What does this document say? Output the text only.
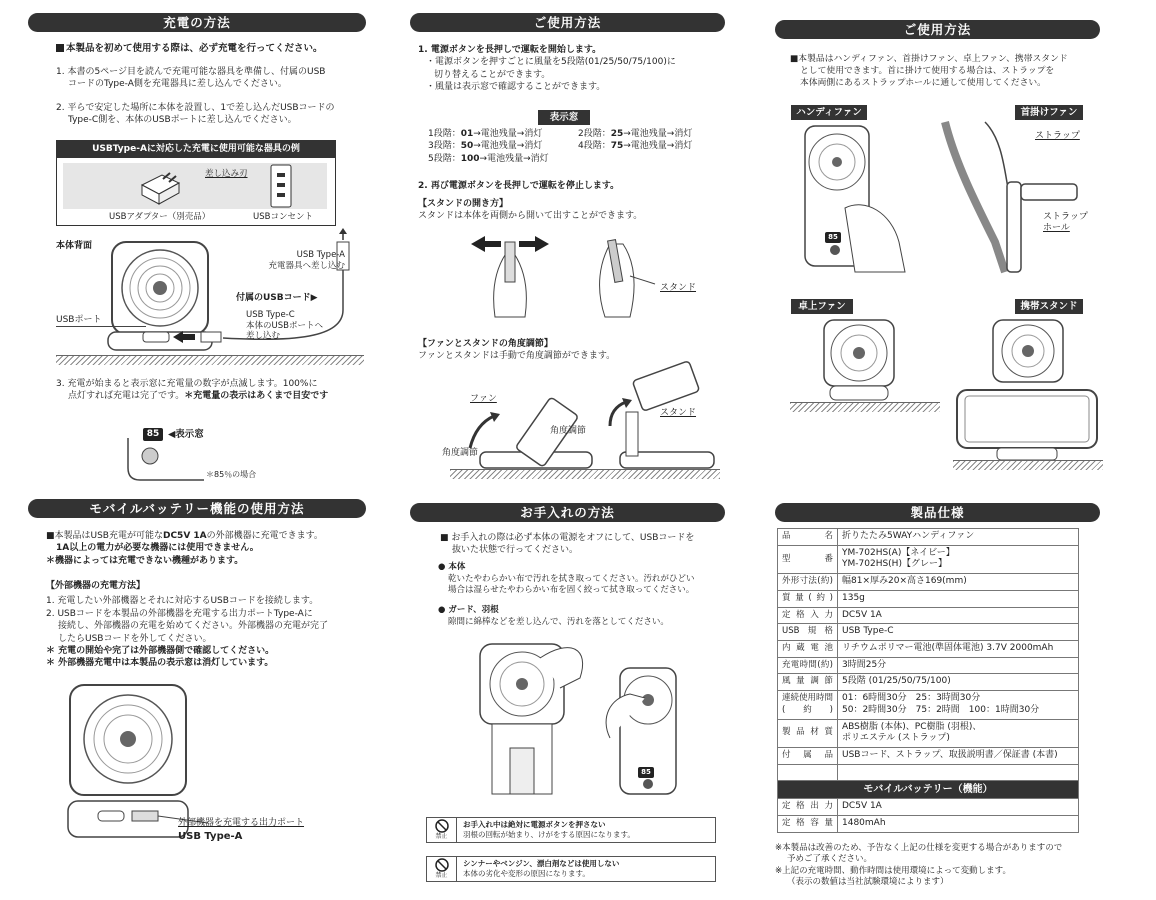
充電の方法
本製品を初めて使用する際は、必ず充電を行ってください。
1. 本書の5ページ目を読んで充電可能な器具を準備し、付属のUSB
コードのType-A側を充電器具に差し込んでください。
2. 平らで安定した場所に本体を設置し、1で差し込んだUSBコードの
Type-C側を、本体のUSBポートに差し込んでください。
USBType-Aに対応した充電に使用可能な器具の例
差し込み刃
USBアダプター（別売品）	USBコンセント
本体背面
USB Type-A
充電器具へ差し込む
付属のUSBコード▶
USBポート	USB Type-C
本体のUSBポートへ
差し込む
3. 充電が始まると表示窓に充電量の数字が点滅します。100%に
点灯すれば充電は完了です。＊充電量の表示はあくまで目安です
85 ◀表示窓
＊85％の場合
モバイルバッテリー機能の使用方法
■本製品はUSB充電が可能なDC5V 1Aの外部機器に充電できます。
1A以上の電力が必要な機器には使用できません。
＊機器によっては充電できない機種があります。
【外部機器の充電方法】
1. 充電したい外部機器とそれに対応するUSBコードを接続します。
2. USBコードを本製品の外部機器を充電する出力ポートType-Aに
接続し、外部機器の充電を始めてください。外部機器の充電が完了
したらUSBコードを外してください。
＊ 充電の開始や完了は外部機器側で確認してください。
＊ 外部機器充電中は本製品の表示窓は消灯しています。
外部機器を充電する出力ポート
USB Type-A
ご使用方法
1. 電源ボタンを長押しで運転を開始します。
・電源ボタンを押すごとに風量を5段階(01/25/50/75/100)に
切り替えることができます。
・風量は表示窓で確認することができます。
表示窓
1段階：01→電池残量→消灯	2段階：25→電池残量→消灯
3段階：50→電池残量→消灯	4段階：75→電池残量→消灯
5段階：100→電池残量→消灯
2. 再び電源ボタンを長押しで運転を停止します。
【スタンドの開き方】
スタンドは本体を両側から開いて出すことができます。
スタンド
【ファンとスタンドの角度調節】
ファンとスタンドは手動で角度調節ができます。
ファン
スタンド
角度調節
角度調節
お手入れの方法
■ お手入れの際は必ず本体の電源をオフにして、USBコードを
抜いた状態で行ってください。
● 本体
乾いたやわらかい布で汚れを拭き取ってください。汚れがひどい
場合は湿らせたやわらかい布を固く絞って拭き取ってください。
● ガード、羽根
隙間に綿棒などを差し込んで、汚れを落としてください。
85
禁止
お手入れ中は絶対に電源ボタンを押さない
羽根の回転が始まり、けがをする原因になります。
禁止
シンナーやベンジン、漂白剤などは使用しない
本体の劣化や変形の原因になります。
ご使用方法
■本製品はハンディファン、首掛けファン、卓上ファン、携帯スタンド
として使用できます。首に掛けて使用する場合は、ストラップを
本体両側にあるストラップホールに通して使用してください。
ハンディファン	首掛けファン
85
ストラップ
ストラップ
ホール
卓上ファン	携帯スタンド
製品仕様
品名	折りたたみ5WAYハンディファン
型番	YM-702HS(A)【ネイビー】
YM-702HS(H)【グレー】
外形寸法(約)	幅81×厚み20×高さ169(mm)
質量(約)	135g
定格入力	DC5V 1A
USB規格	USB Type-C
内蔵電池	リチウムポリマー電池(準固体電池) 3.7V 2000mAh
充電時間(約)	3時間25分
風量調節	5段階 (01/25/50/75/100)
連続使用時間
(約)	01：6時間30分　25：3時間30分
50：2時間30分　75：2時間　100：1時間30分
製品材質	ABS樹脂 (本体)、PC樹脂 (羽根)、
ポリエステル (ストラップ)
付属品	USBコード、ストラップ、取扱説明書／保証書 (本書)

モバイルバッテリー（機能）	
定格出力	DC5V 1A
定格容量	1480mAh
※本製品は改善のため、予告なく上記の仕様を変更する場合がありますので
予めご了承ください。
※上記の充電時間、動作時間は使用環境によって変動します。
（表示の数値は当社試験環境によります）
